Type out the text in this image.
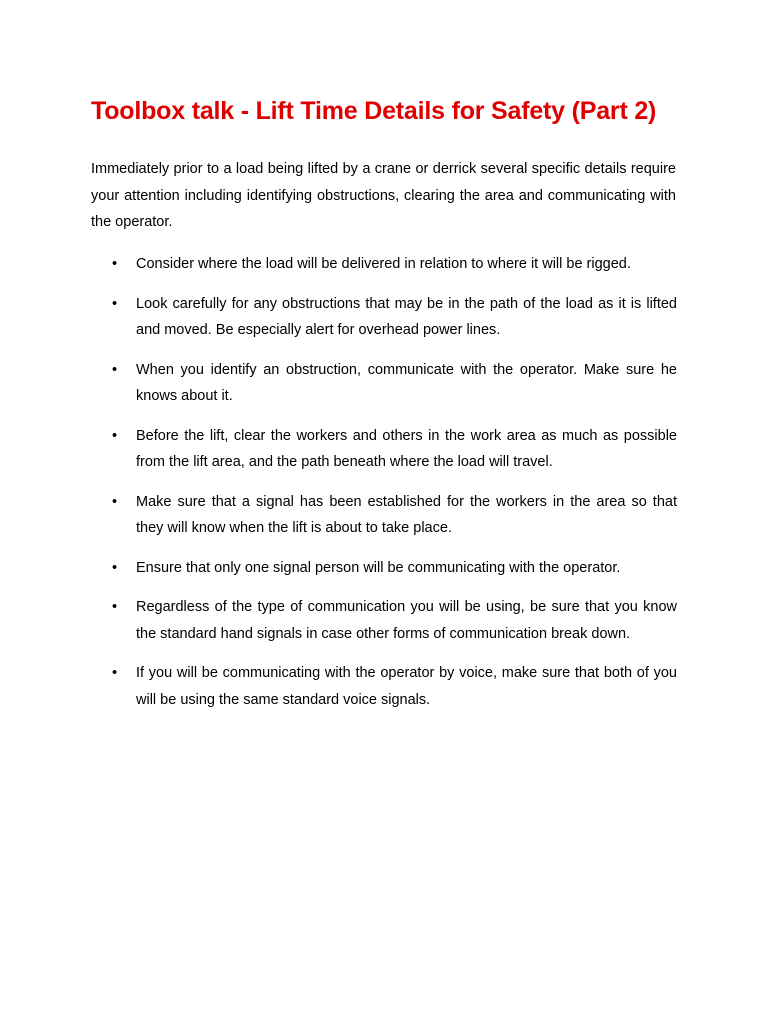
Toolbox talk - Lift Time Details for Safety (Part 2)

Immediately prior to a load being lifted by a crane or derrick several specific details require your attention including identifying obstructions, clearing the area and communicating with the operator.

• Consider where the load will be delivered in relation to where it will be rigged.
• Look carefully for any obstructions that may be in the path of the load as it is lifted and moved. Be especially alert for overhead power lines.
• When you identify an obstruction, communicate with the operator. Make sure he knows about it.
• Before the lift, clear the workers and others in the work area as much as possible from the lift area, and the path beneath where the load will travel.
• Make sure that a signal has been established for the workers in the area so that they will know when the lift is about to take place.
• Ensure that only one signal person will be communicating with the operator.
• Regardless of the type of communication you will be using, be sure that you know the standard hand signals in case other forms of communication break down.
• If you will be communicating with the operator by voice, make sure that both of you will be using the same standard voice signals.
